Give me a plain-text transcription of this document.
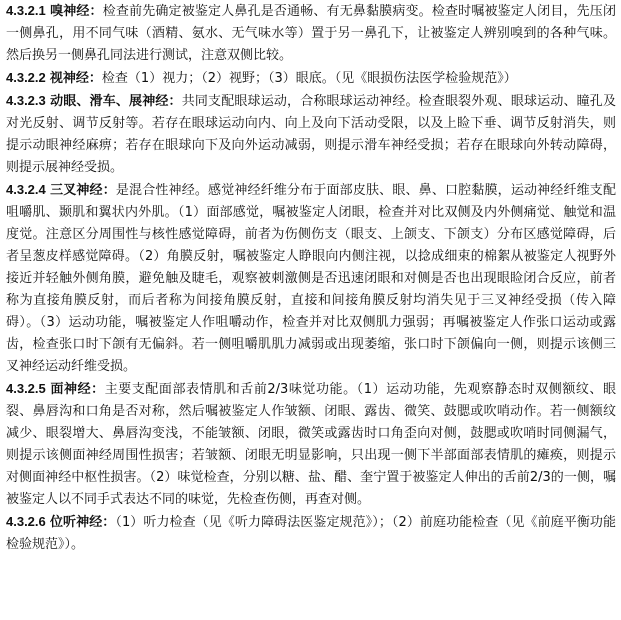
4.3.2.1 嗅神经：检查前先确定被鉴定人鼻孔是否通畅、有无鼻黏膜病变。检查时嘱被鉴定人闭目，先压闭一侧鼻孔，用不同气味（酒精、氨水、无气味水等）置于另一鼻孔下，让被鉴定人辨别嗅到的各种气味。然后换另一侧鼻孔同法进行测试，注意双侧比较。

4.3.2.2 视神经：检查（1）视力；（2）视野；（3）眼底。（见《眼损伤法医学检验规范》）

4.3.2.3 动眼、滑车、展神经：共同支配眼球运动，合称眼球运动神经。检查眼裂外观、眼球运动、瞳孔及对光反射、调节反射等。若存在眼球运动向内、向上及向下活动受限，以及上睑下垂、调节反射消失，则提示动眼神经麻痹；若存在眼球向下及向外运动减弱，则提示滑车神经受损；若存在眼球向外转动障碍，则提示展神经受损。

4.3.2.4 三叉神经：是混合性神经。感觉神经纤维分布于面部皮肤、眼、鼻、口腔黏膜，运动神经纤维支配咀嚼肌、颞肌和翼状内外肌。（1）面部感觉，嘱被鉴定人闭眼，检查并对比双侧及内外侧痛觉、触觉和温度觉。注意区分周围性与核性感觉障碍，前者为伤侧伤支（眼支、上颌支、下颌支）分布区感觉障碍，后者呈葱皮样感觉障碍。（2）角膜反射，嘱被鉴定人睁眼向内侧注视，以捻成细束的棉絮从被鉴定人视野外接近并轻触外侧角膜，避免触及睫毛，观察被刺激侧是否迅速闭眼和对侧是否也出现眼睑闭合反应，前者称为直接角膜反射，而后者称为间接角膜反射，直接和间接角膜反射均消失见于三叉神经受损（传入障碍）。（3）运动功能，嘱被鉴定人作咀嚼动作，检查并对比双侧肌力强弱；再嘱被鉴定人作张口运动或露齿，检查张口时下颌有无偏斜。若一侧咀嚼肌肌力减弱或出现萎缩，张口时下颌偏向一侧，则提示该侧三叉神经运动纤维受损。

4.3.2.5 面神经：主要支配面部表情肌和舌前2/3味觉功能。（1）运动功能，先观察静态时双侧额纹、眼裂、鼻唇沟和口角是否对称，然后嘱被鉴定人作皱额、闭眼、露齿、微笑、鼓腮或吹哨动作。若一侧额纹减少、眼裂增大、鼻唇沟变浅，不能皱额、闭眼，微笑或露齿时口角歪向对侧，鼓腮或吹哨时同侧漏气，则提示该侧面神经周围性损害；若皱额、闭眼无明显影响，只出现一侧下半部面部表情肌的瘫痪，则提示对侧面神经中枢性损害。（2）味觉检查，分别以糖、盐、醋、奎宁置于被鉴定人伸出的舌前2/3的一侧，嘱被鉴定人以不同手式表达不同的味觉，先检查伤侧，再查对侧。

4.3.2.6 位听神经：（1）听力检查（见《听力障碍法医鉴定规范》）；（2）前庭功能检查（见《前庭平衡功能检验规范》）。
